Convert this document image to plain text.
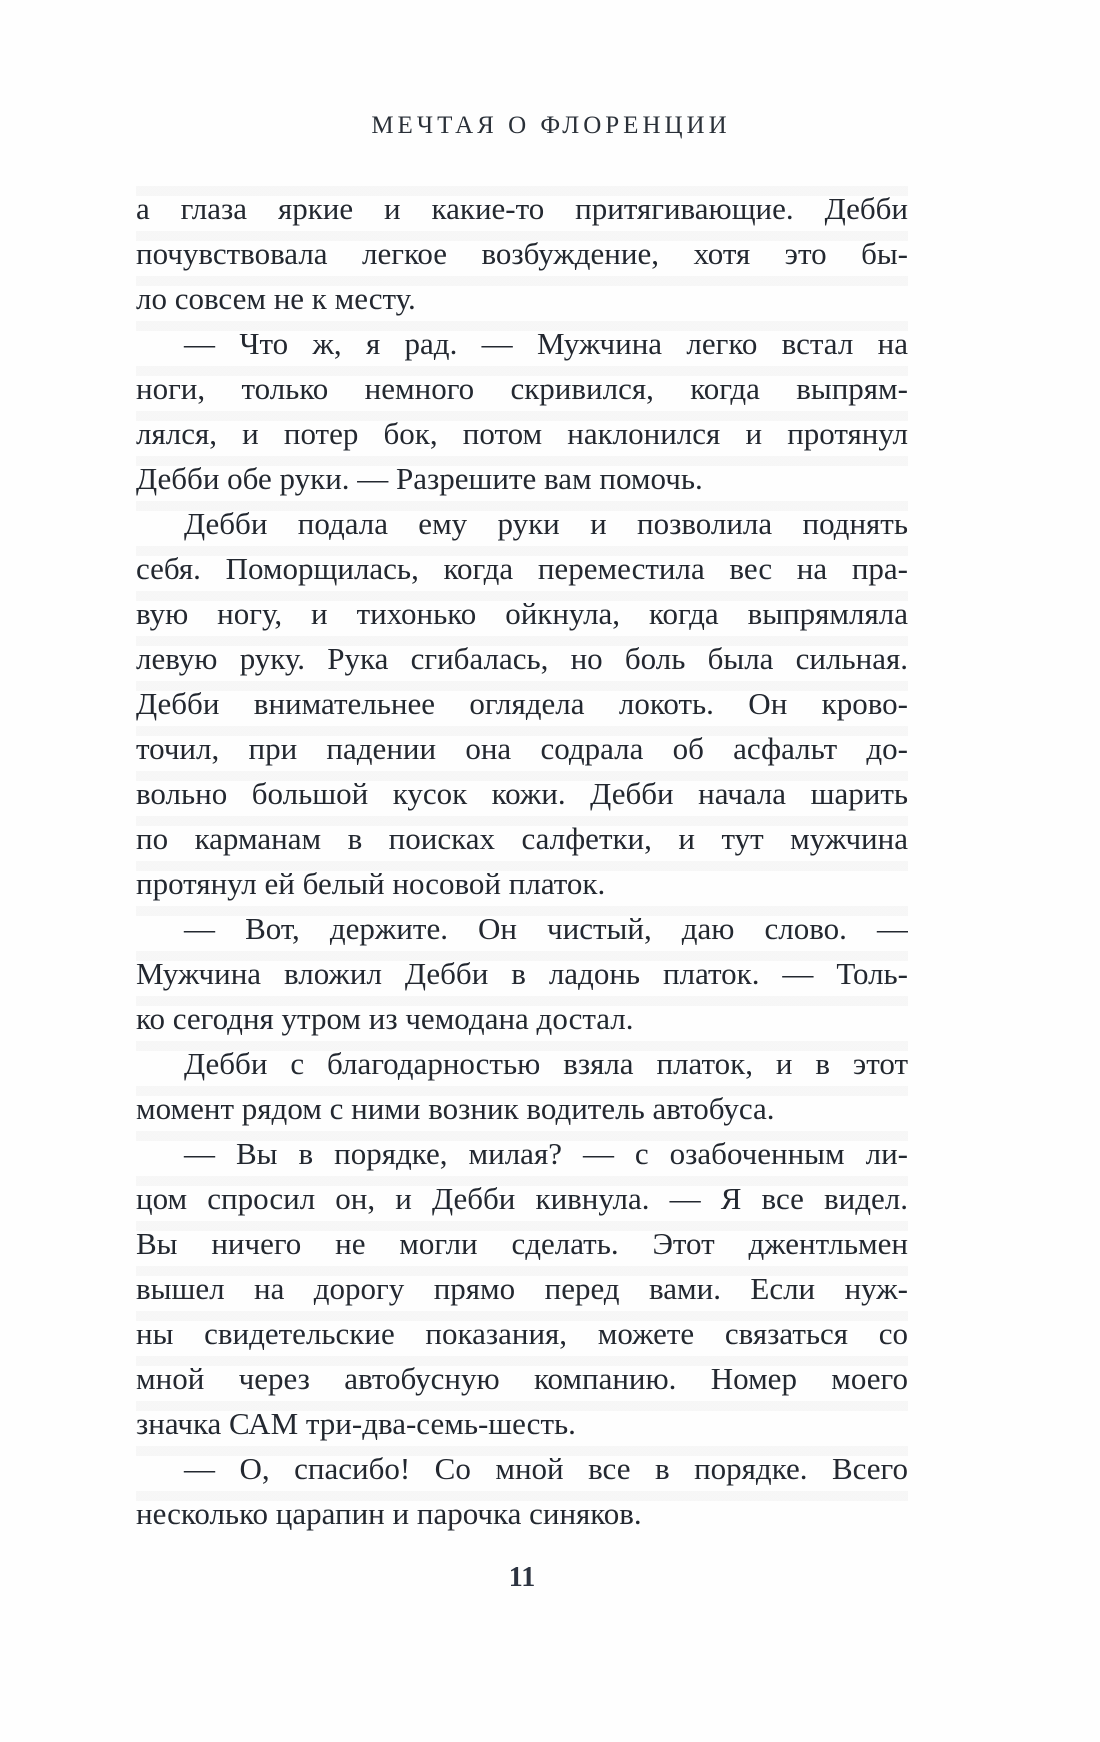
МЕЧТАЯ О ФЛОРЕНЦИИ
а глаза яркие и какие-то притягивающие. Дебби
почувствовала легкое возбуждение, хотя это бы-
ло совсем не к месту.
— Что ж, я рад. — Мужчина легко встал на
ноги, только немного скривился, когда выпрям-
лялся, и потер бок, потом наклонился и протянул
Дебби обе руки. — Разрешите вам помочь.
Дебби подала ему руки и позволила поднять
себя. Поморщилась, когда переместила вес на пра-
вую ногу, и тихонько ойкнула, когда выпрямляла
левую руку. Рука сгибалась, но боль была сильная.
Дебби внимательнее оглядела локоть. Он крово-
точил, при падении она содрала об асфальт до-
вольно большой кусок кожи. Дебби начала шарить
по карманам в поисках салфетки, и тут мужчина
протянул ей белый носовой платок.
— Вот, держите. Он чистый, даю слово. —
Мужчина вложил Дебби в ладонь платок. — Толь-
ко сегодня утром из чемодана достал.
Дебби с благодарностью взяла платок, и в этот
момент рядом с ними возник водитель автобуса.
— Вы в порядке, милая? — с озабоченным ли-
цом спросил он, и Дебби кивнула. — Я все видел.
Вы ничего не могли сделать. Этот джентльмен
вышел на дорогу прямо перед вами. Если нуж-
ны свидетельские показания, можете связаться со
мной через автобусную компанию. Номер моего
значка САМ три-два-семь-шесть.
— О, спасибо! Со мной все в порядке. Всего
несколько царапин и парочка синяков.
11
